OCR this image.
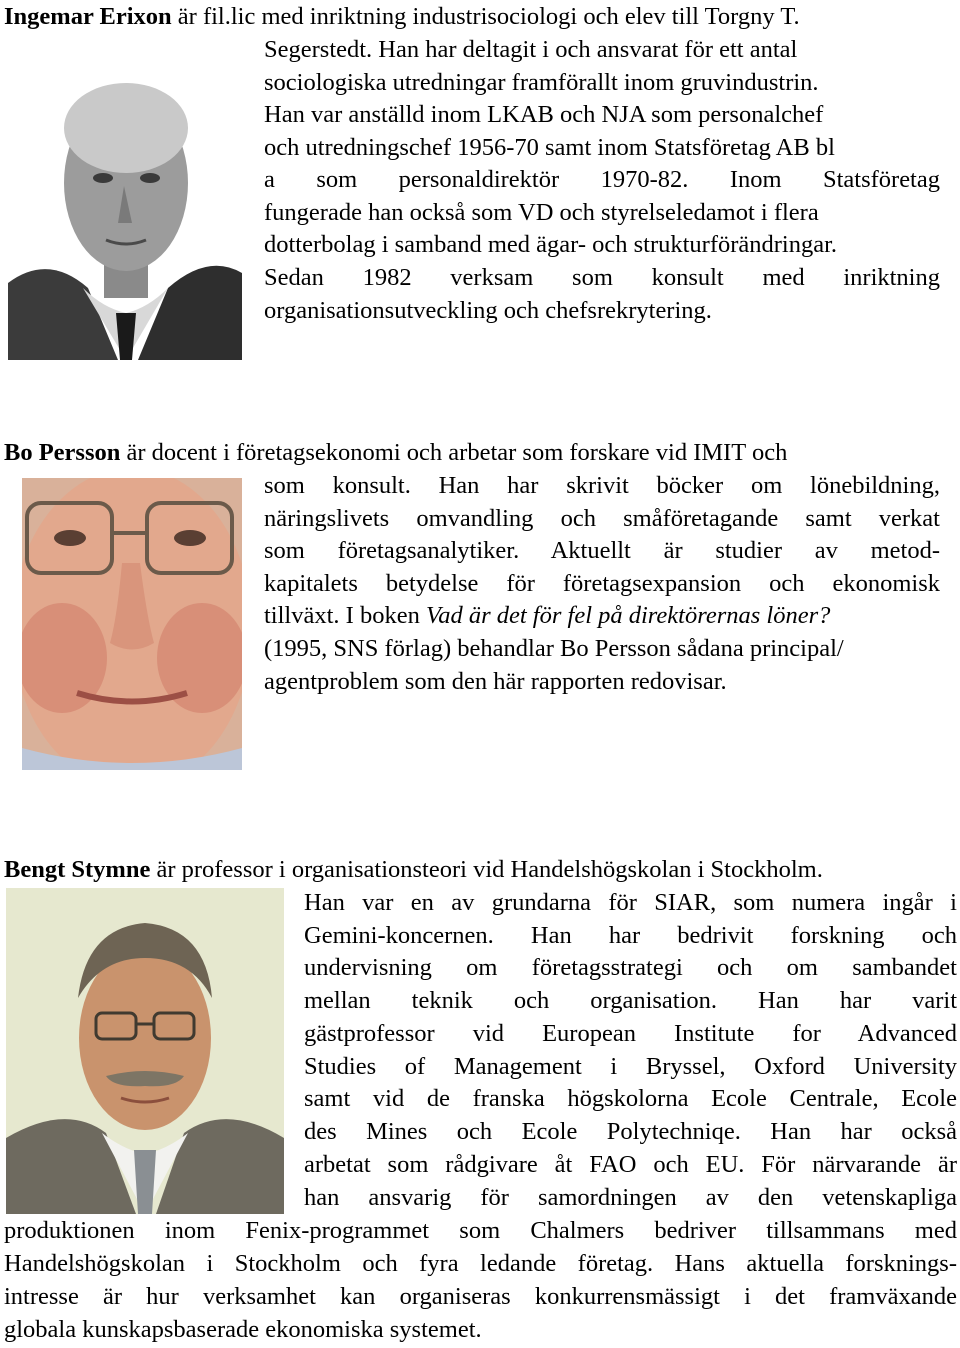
Ingemar Erixon är fil.lic med inriktning industrisociologi och elev till Torgny T.
Segerstedt. Han har deltagit i och ansvarat för ett antal
sociologiska utredningar framförallt inom gruvindustrin.
Han var anställd inom LKAB och NJA som personalchef
och utredningschef 1956-70 samt inom Statsföretag AB bl
a som personaldirektör 1970-82. Inom Statsföretag
fungerade han också som VD och styrelseledamot i flera
dotterbolag i samband med ägar- och strukturförändringar.
Sedan 1982 verksam som konsult med inriktning
organisationsutveckling och chefsrekrytering.
Bo Persson är docent i företagsekonomi och arbetar som forskare vid IMIT och
som konsult. Han har skrivit böcker om lönebildning,
näringslivets omvandling och småföretagande samt verkat
som företagsanalytiker. Aktuellt är studier av metod-
kapitalets betydelse för företagsexpansion och ekonomisk
tillväxt. I boken Vad är det för fel på direktörernas löner?
(1995, SNS förlag) behandlar Bo Persson sådana principal/
agentproblem som den här rapporten redovisar.
Bengt Stymne är professor i organisationsteori vid Handelshögskolan i Stockholm.
Han var en av grundarna för SIAR, som numera ingår i
Gemini-koncernen. Han har bedrivit forskning och
undervisning om företagsstrategi och om sambandet
mellan teknik och organisation. Han har varit
gästprofessor vid European Institute for Advanced
Studies of Management i Bryssel, Oxford University
samt vid de franska högskolorna Ecole Centrale, Ecole
des Mines och Ecole Polytechniqe. Han har också
arbetat som rådgivare åt FAO och EU. För närvarande är
han ansvarig för samordningen av den vetenskapliga
produktionen inom Fenix-programmet som Chalmers bedriver tillsammans med
Handelshögskolan i Stockholm och fyra ledande företag. Hans aktuella forsknings-
intresse är hur verksamhet kan organiseras konkurrensmässigt i det framväxande
globala kunskapsbaserade ekonomiska systemet.
